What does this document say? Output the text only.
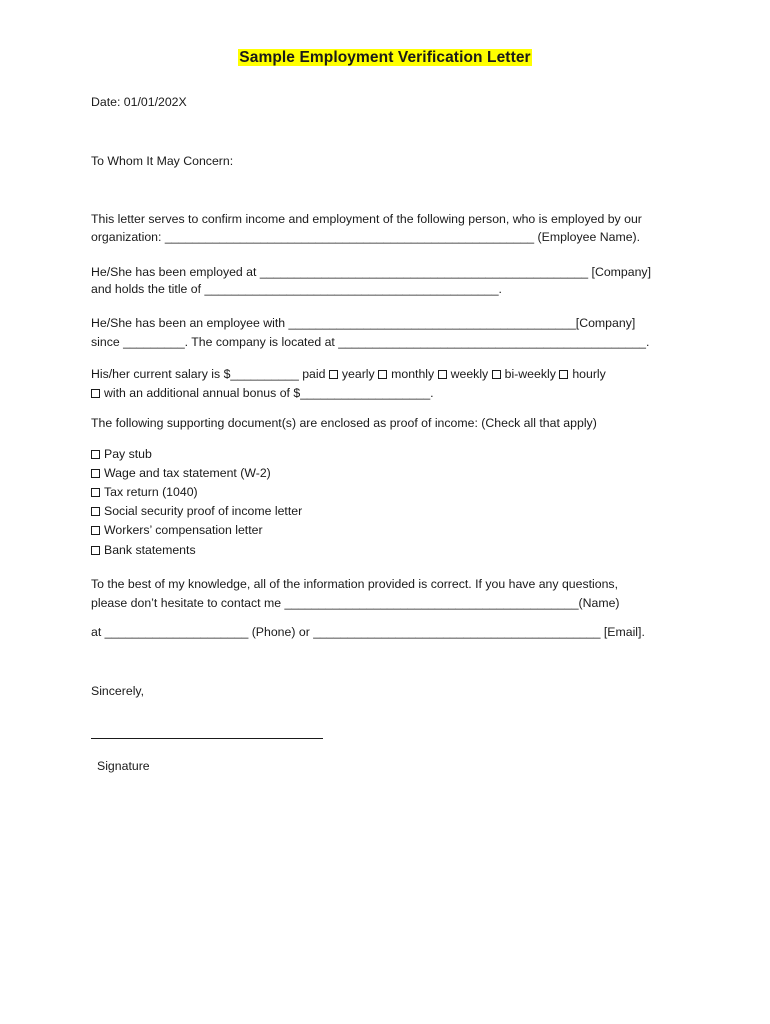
Sample Employment Verification Letter
Date: 01/01/202X
To Whom It May Concern:
This letter serves to confirm income and employment of the following person, who is employed by our
organization: ______________________________________________________ (Employee Name).
He/She has been employed at ________________________________________________ [Company]
and holds the title of ___________________________________________.
He/She has been an employee with __________________________________________[Company]
since _________. The company is located at _____________________________________________.
His/her current salary is $__________ paid yearly monthly weekly bi-weekly hourly
with an additional annual bonus of $___________________.
The following supporting document(s) are enclosed as proof of income: (Check all that apply)
Pay stub
Wage and tax statement (W-2)
Tax return (1040)
Social security proof of income letter
Workers’ compensation letter
Bank statements
To the best of my knowledge, all of the information provided is correct. If you have any questions,
please don’t hesitate to contact me ___________________________________________(Name)
at _____________________ (Phone) or __________________________________________ [Email].
Sincerely,
Signature
